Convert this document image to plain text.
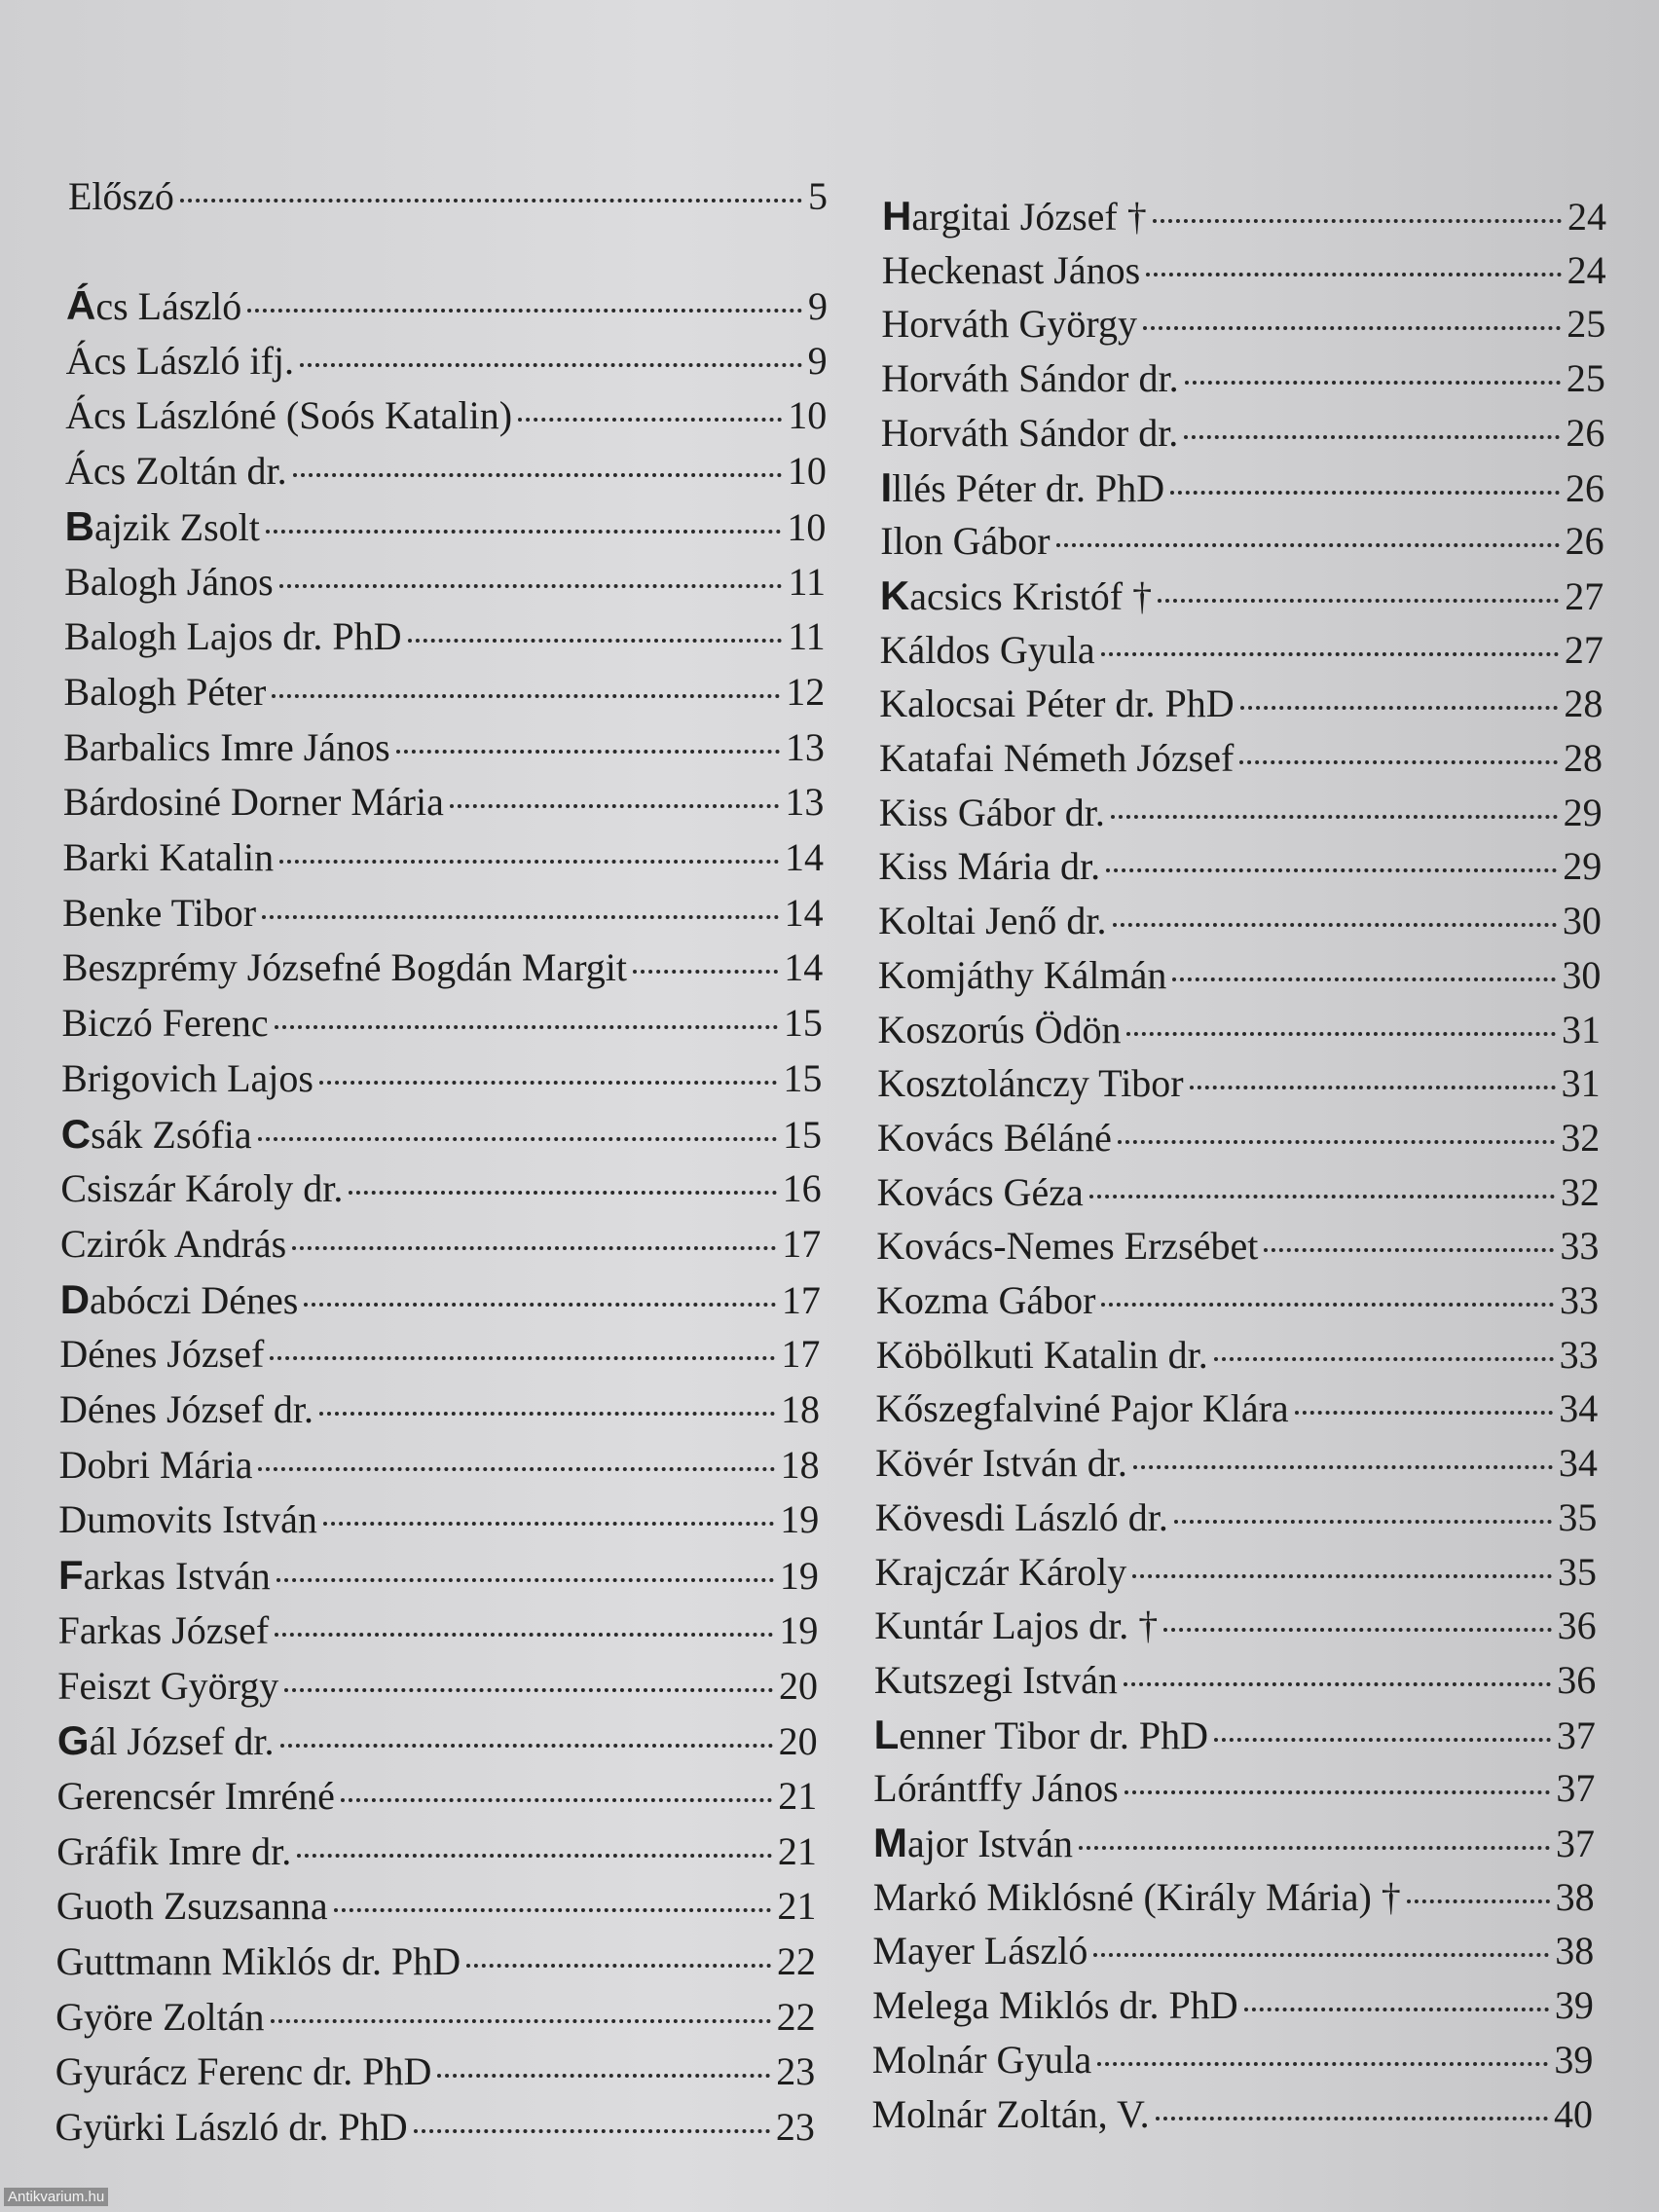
Előszó	5
Ács László	9
Ács László ifj.	9
Ács Lászlóné (Soós Katalin)	10
Ács Zoltán dr.	10
Bajzik Zsolt	10
Balogh János	11
Balogh Lajos dr. PhD	11
Balogh Péter	12
Barbalics Imre János	13
Bárdosiné Dorner Mária	13
Barki Katalin	14
Benke Tibor	14
Beszprémy Józsefné Bogdán Margit	14
Biczó Ferenc	15
Brigovich Lajos	15
Csák Zsófia	15
Csiszár Károly dr.	16
Czirók András	17
Dabóczi Dénes	17
Dénes József	17
Dénes József dr.	18
Dobri Mária	18
Dumovits István	19
Farkas István	19
Farkas József	19
Feiszt György	20
Gál József dr.	20
Gerencsér Imréné	21
Gráfik Imre dr.	21
Guoth Zsuzsanna	21
Guttmann Miklós dr. PhD	22
Györe Zoltán	22
Gyurácz Ferenc dr. PhD	23
Gyürki László dr. PhD	23
Hargitai József †	24
Heckenast János	24
Horváth György	25
Horváth Sándor dr.	25
Horváth Sándor dr.	26
Illés Péter dr. PhD	26
Ilon Gábor	26
Kacsics Kristóf †	27
Káldos Gyula	27
Kalocsai Péter dr. PhD	28
Katafai Németh József	28
Kiss Gábor dr.	29
Kiss Mária dr.	29
Koltai Jenő dr.	30
Komjáthy Kálmán	30
Koszorús Ödön	31
Kosztolánczy Tibor	31
Kovács Béláné	32
Kovács Géza	32
Kovács-Nemes Erzsébet	33
Kozma Gábor	33
Köbölkuti Katalin dr.	33
Kőszegfalviné Pajor Klára	34
Kövér István dr.	34
Kövesdi László dr.	35
Krajczár Károly	35
Kuntár Lajos dr. †	36
Kutszegi István	36
Lenner Tibor dr. PhD	37
Lórántffy János	37
Major István	37
Markó Miklósné (Király Mária) †	38
Mayer László	38
Melega Miklós dr. PhD	39
Molnár Gyula	39
Molnár Zoltán, V.	40
Antikvarium.hu
